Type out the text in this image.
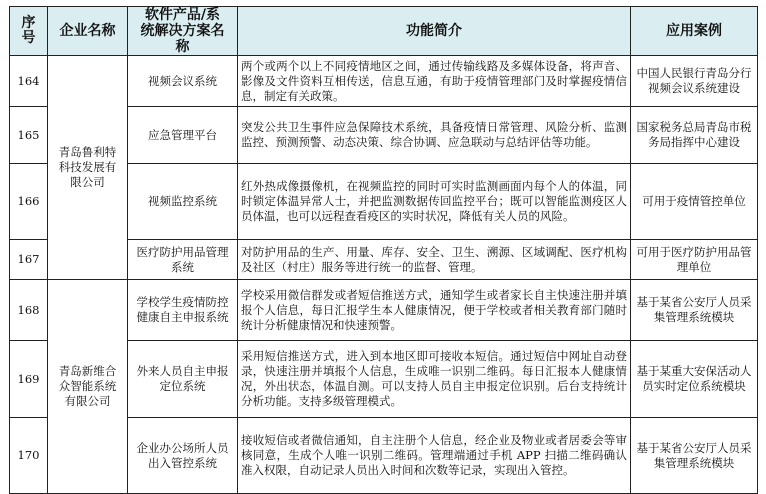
序号	企业名称	软件产品/系统解决方案名称	功能简介	应用案例
164	青岛鲁利特科技发展有限公司	视频会议系统	两个或两个以上不同疫情地区之间，通过传输线路及多媒体设备，将声音、影像及文件资料互相传送，信息互通，有助于疫情管理部门及时掌握疫情信息，制定有关政策。	中国人民银行青岛分行视频会议系统建设
165		应急管理平台	突发公共卫生事件应急保障技术系统，具备疫情日常管理、风险分析、监测监控、预测预警、动态决策、综合协调、应急联动与总结评估等功能。	国家税务总局青岛市税务局指挥中心建设
166		视频监控系统	红外热成像摄像机，在视频监控的同时可实时监测画面内每个人的体温，同时锁定体温异常人士，并把监测数据传回监控平台；既可以智能监测疫区人员体温，也可以远程查看疫区的实时状况，降低有关人员的风险。	可用于疫情管控单位
167		医疗防护用品管理系统	对防护用品的生产、用量、库存、安全、卫生、溯源、区域调配、医疗机构及社区（村庄）服务等进行统一的监督、管理。	可用于医疗防护用品管理单位
168	青岛新维合众智能系统有限公司	学校学生疫情防控健康自主申报系统	学校采用微信群发或者短信推送方式，通知学生或者家长自主快速注册并填报个人信息，每日汇报学生本人健康情况，便于学校或者相关教育部门随时统计分析健康情况和快速预警。	基于某省公安厅人员采集管理系统模块
169		外来人员自主申报定位系统	采用短信推送方式，进入到本地区即可接收本短信。通过短信中网址自动登录，快速注册并填报个人信息，生成唯一识别二维码。每日汇报本人健康情况，外出状态，体温自测。可以支持人员自主申报定位识别。后台支持统计分析功能。支持多级管理模式。	基于某重大安保活动人员实时定位系统模块
170		企业办公场所人员出入管控系统	接收短信或者微信通知，自主注册个人信息，经企业及物业或者居委会等审核同意，生成个人唯一识别二维码。管理端通过手机 APP 扫描二维码确认准入权限，自动记录人员出入时间和次数等记录，实现出入管控。	基于某省公安厅人员采集管理系统模块
